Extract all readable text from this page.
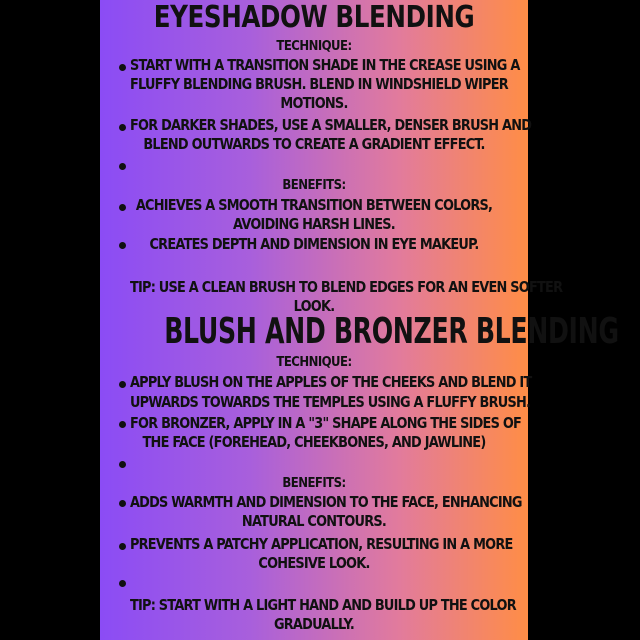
EYESHADOW BLENDING
TECHNIQUE:
START WITH A TRANSITION SHADE IN THE CREASE USING A
FLUFFY BLENDING BRUSH. BLEND IN WINDSHIELD WIPER
MOTIONS.
FOR DARKER SHADES, USE A SMALLER, DENSER BRUSH AND
BLEND OUTWARDS TO CREATE A GRADIENT EFFECT.
BENEFITS:
ACHIEVES A SMOOTH TRANSITION BETWEEN COLORS,
AVOIDING HARSH LINES.
CREATES DEPTH AND DIMENSION IN EYE MAKEUP.
TIP: USE A CLEAN BRUSH TO BLEND EDGES FOR AN EVEN SOFTER
LOOK.
BLUSH AND BRONZER BLENDING
TECHNIQUE:
APPLY BLUSH ON THE APPLES OF THE CHEEKS AND BLEND IT
UPWARDS TOWARDS THE TEMPLES USING A FLUFFY BRUSH.
FOR BRONZER, APPLY IN A "3" SHAPE ALONG THE SIDES OF
THE FACE (FOREHEAD, CHEEKBONES, AND JAWLINE)
BENEFITS:
ADDS WARMTH AND DIMENSION TO THE FACE, ENHANCING
NATURAL CONTOURS.
PREVENTS A PATCHY APPLICATION, RESULTING IN A MORE
COHESIVE LOOK.
TIP: START WITH A LIGHT HAND AND BUILD UP THE COLOR
GRADUALLY.
